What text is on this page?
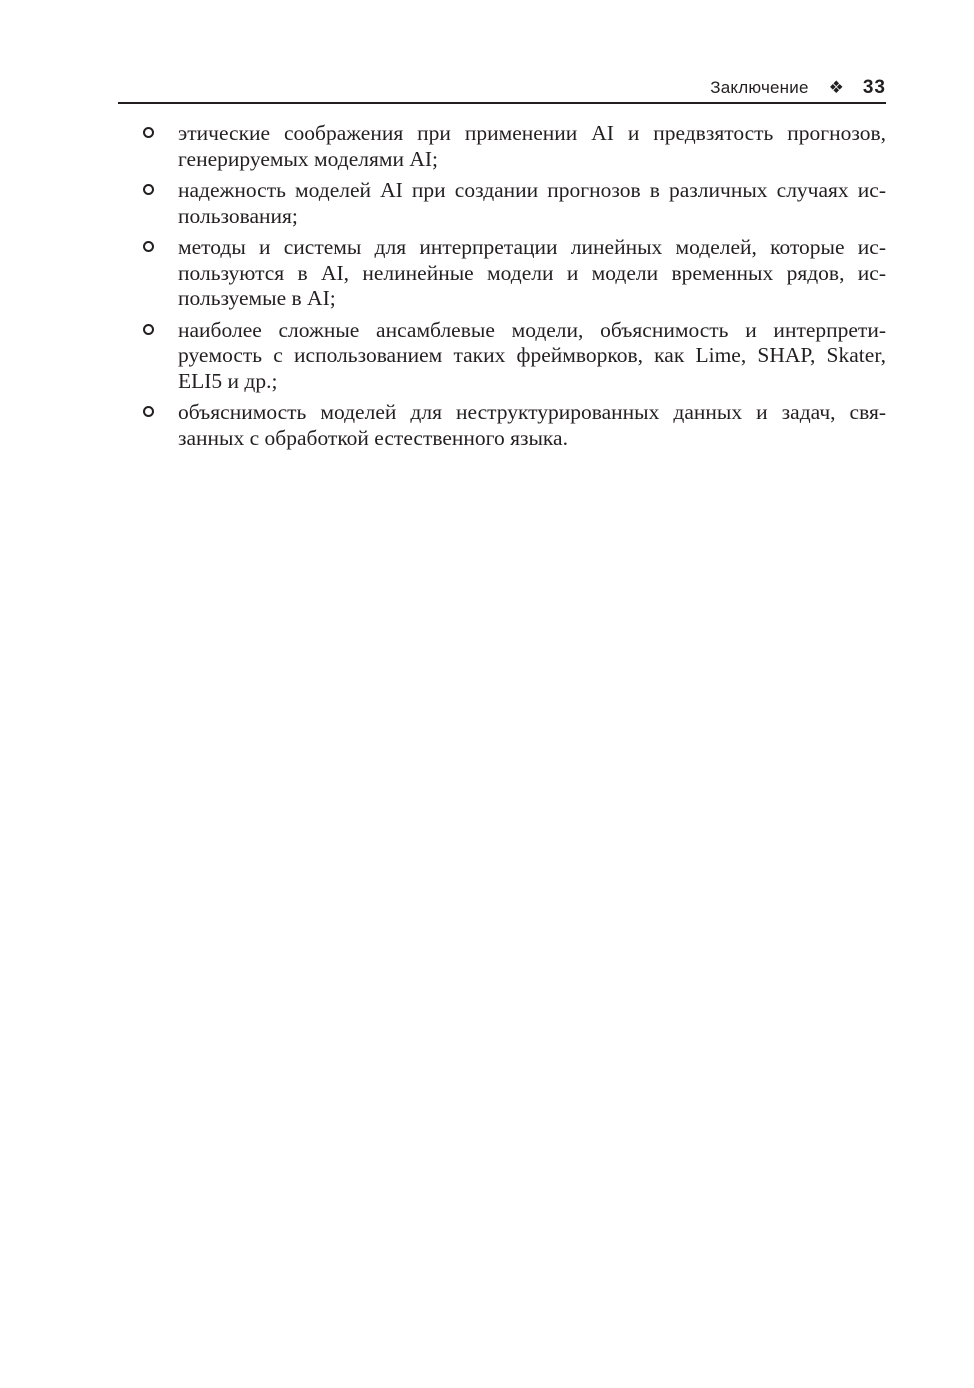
Заключение ❖ 33
этические соображения при применении AI и предвзятость прогнозов,
генерируемых моделями AI;
надежность моделей AI при создании прогнозов в различных случаях ис-
пользования;
методы и системы для интерпретации линейных моделей, которые ис-
пользуются в AI, нелинейные модели и модели временных рядов, ис-
пользуемые в AI;
наиболее сложные ансамблевые модели, объяснимость и интерпрети-
руемость с использованием таких фреймворков, как Lime, SHAP, Skater,
ELI5 и др.;
объяснимость моделей для неструктурированных данных и задач, свя-
занных с обработкой естественного языка.
